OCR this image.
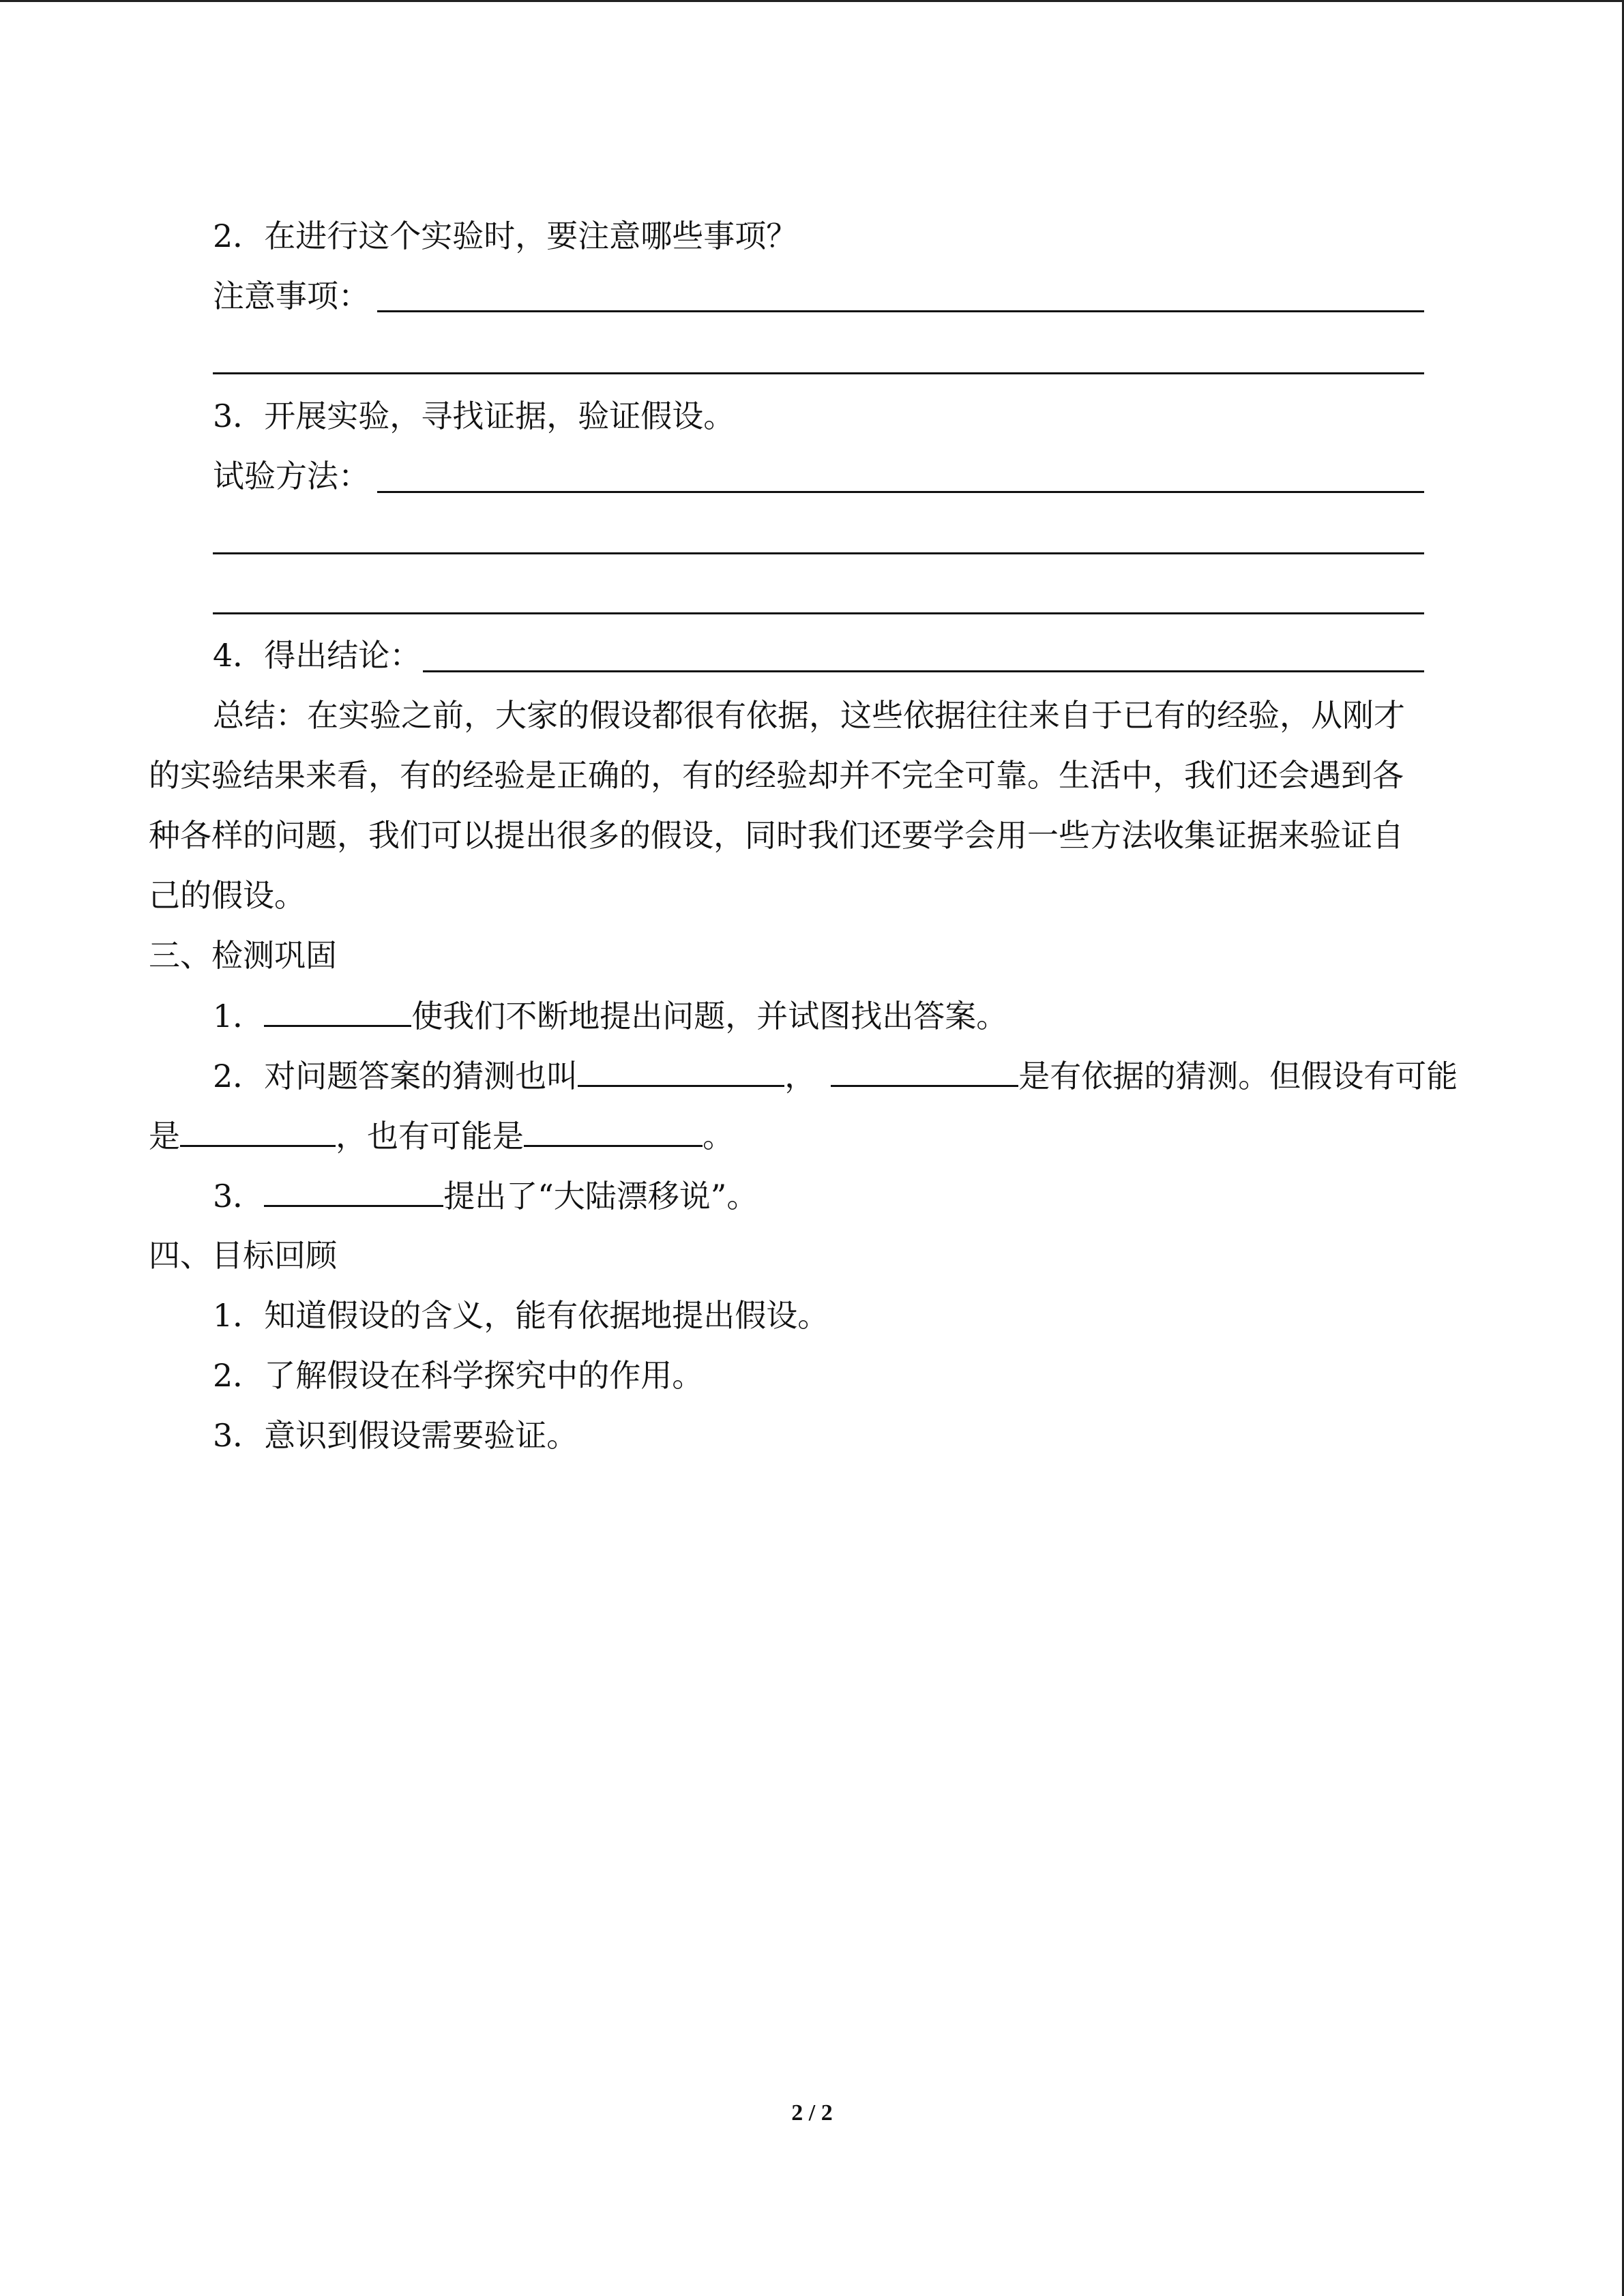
2．在进行这个实验时，要注意哪些事项？
注意事项：
3．开展实验，寻找证据，验证假设。
试验方法：
4．得出结论：
总结：在实验之前，大家的假设都很有依据，这些依据往往来自于已有的经验，从刚才
的实验结果来看，有的经验是正确的，有的经验却并不完全可靠。生活中，我们还会遇到各
种各样的问题，我们可以提出很多的假设，同时我们还要学会用一些方法收集证据来验证自
己的假设。
三、检测巩固
1．	使我们不断地提出问题，并试图找出答案。
2．对问题答案的猜测也叫	，	是有依据的猜测。但假设有可能
是	，也有可能是	。
3．	提出了“大陆漂移说”。
四、目标回顾
1．知道假设的含义，能有依据地提出假设。
2．了解假设在科学探究中的作用。
3．意识到假设需要验证。
2 / 2
